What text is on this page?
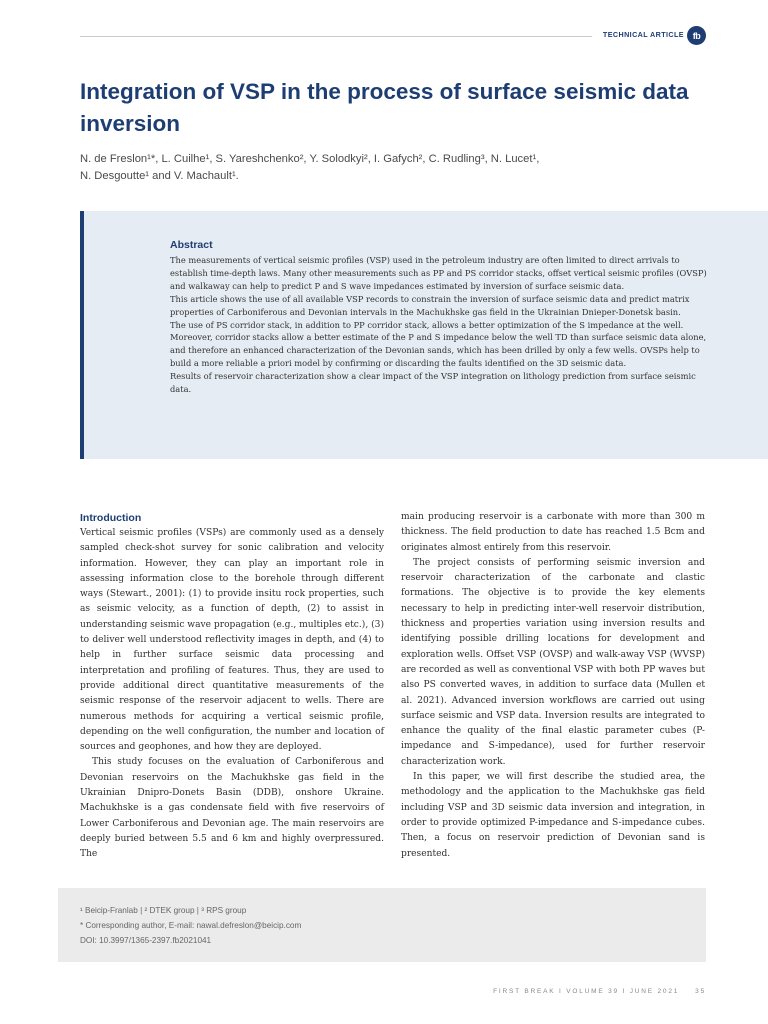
TECHNICAL ARTICLE fb
Integration of VSP in the process of surface seismic data inversion
N. de Freslon¹*, L. Cuilhe¹, S. Yareshchenko², Y. Solodkyi², I. Gafych², C. Rudling³, N. Lucet¹,
N. Desgoutte¹ and V. Machault¹.
Abstract

The measurements of vertical seismic profiles (VSP) used in the petroleum industry are often limited to direct arrivals to establish time-depth laws. Many other measurements such as PP and PS corridor stacks, offset vertical seismic profiles (OVSP) and walkaway can help to predict P and S wave impedances estimated by inversion of surface seismic data.

This article shows the use of all available VSP records to constrain the inversion of surface seismic data and predict matrix properties of Carboniferous and Devonian intervals in the Machukhske gas field in the Ukrainian Dnieper-Donetsk basin.

The use of PS corridor stack, in addition to PP corridor stack, allows a better optimization of the S impedance at the well. Moreover, corridor stacks allow a better estimate of the P and S impedance below the well TD than surface seismic data alone, and therefore an enhanced characterization of the Devonian sands, which has been drilled by only a few wells. OVSPs help to build a more reliable a priori model by confirming or discarding the faults identified on the 3D seismic data.

Results of reservoir characterization show a clear impact of the VSP integration on lithology prediction from surface seismic data.

Introduction

Vertical seismic profiles (VSPs) are commonly used as a densely sampled check-shot survey for sonic calibration and velocity information. However, they can play an important role in assessing information close to the borehole through different ways (Stewart., 2001): (1) to provide insitu rock properties, such as seismic velocity, as a function of depth, (2) to assist in understanding seismic wave propagation (e.g., multiples etc.), (3) to deliver well understood reflectivity images in depth, and (4) to help in further surface seismic data processing and interpretation and profiling of features. Thus, they are used to provide additional direct quantitative measurements of the seismic response of the reservoir adjacent to wells. There are numerous methods for acquiring a vertical seismic profile, depending on the well configuration, the number and location of sources and geophones, and how they are deployed.

This study focuses on the evaluation of Carboniferous and Devonian reservoirs on the Machukhske gas field in the Ukrainian Dnipro-Donets Basin (DDB), onshore Ukraine. Machukhske is a gas condensate field with five reservoirs of Lower Carboniferous and Devonian age. The main reservoirs are deeply buried between 5.5 and 6 km and highly overpressured. The

main producing reservoir is a carbonate with more than 300 m thickness. The field production to date has reached 1.5 Bcm and originates almost entirely from this reservoir.

The project consists of performing seismic inversion and reservoir characterization of the carbonate and clastic formations. The objective is to provide the key elements necessary to help in predicting inter-well reservoir distribution, thickness and properties variation using inversion results and identifying possible drilling locations for development and exploration wells. Offset VSP (OVSP) and walk-away VSP (WVSP) are recorded as well as conventional VSP with both PP waves but also PS converted waves, in addition to surface data (Mullen et al. 2021). Advanced inversion workflows are carried out using surface seismic and VSP data. Inversion results are integrated to enhance the quality of the final elastic parameter cubes (P-impedance and S-impedance), used for further reservoir characterization work.

In this paper, we will first describe the studied area, the methodology and the application to the Machukhske gas field including VSP and 3D seismic data inversion and integration, in order to provide optimized P-impedance and S-impedance cubes. Then, a focus on reservoir prediction of Devonian sand is presented.

¹ Beicip-Franlab | ² DTEK group | ³ RPS group
* Corresponding author, E-mail: nawal.defreslon@beicip.com
DOI: 10.3997/1365-2397.fb2021041
FIRST BREAK I VOLUME 39 I JUNE 2021 35
